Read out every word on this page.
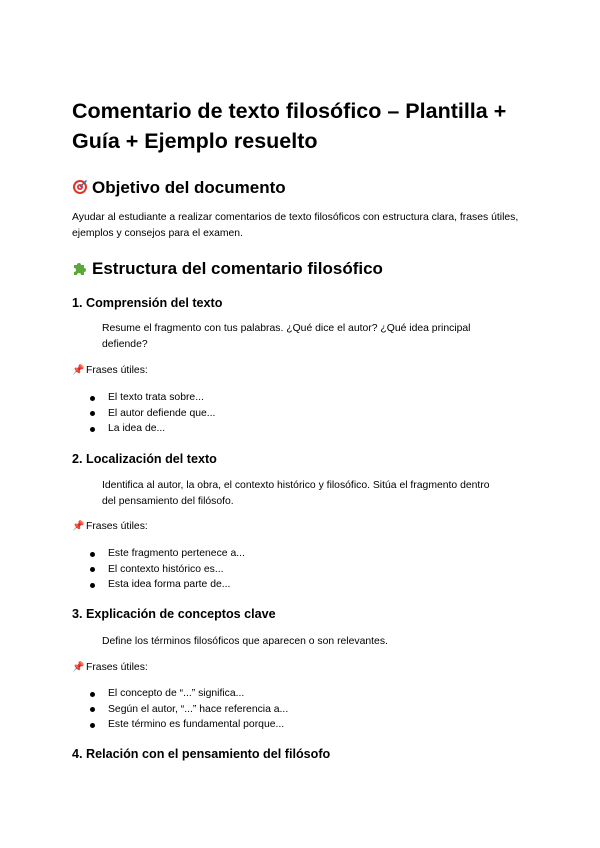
Comentario de texto filosófico – Plantilla + Guía + Ejemplo resuelto
Objetivo del documento

Ayudar al estudiante a realizar comentarios de texto filosóficos con estructura clara, frases útiles, ejemplos y consejos para el examen.

Estructura del comentario filosófico
1. Comprensión del texto

Resume el fragmento con tus palabras. ¿Qué dice el autor? ¿Qué idea principal defiende?

📌 Frases útiles:

El texto trata sobre...
El autor defiende que...
La idea de...
2. Localización del texto

Identifica al autor, la obra, el contexto histórico y filosófico. Sitúa el fragmento dentro del pensamiento del filósofo.

📌 Frases útiles:

Este fragmento pertenece a...
El contexto histórico es...
Esta idea forma parte de...
3. Explicación de conceptos clave

Define los términos filosóficos que aparecen o son relevantes.

📌 Frases útiles:

El concepto de “...” significa...
Según el autor, “...” hace referencia a...
Este término es fundamental porque...
4. Relación con el pensamiento del filósofo
